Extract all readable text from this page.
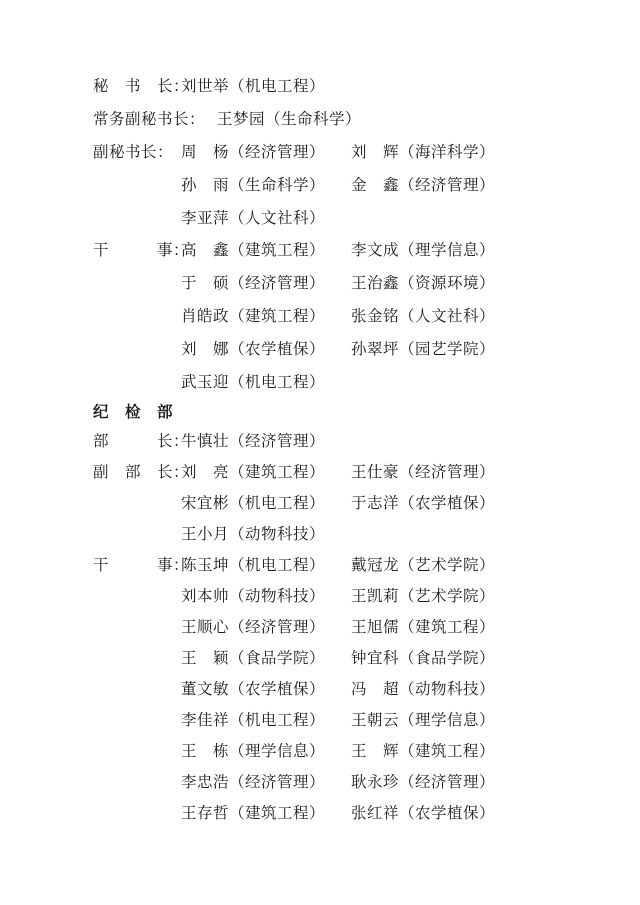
秘　书　长：
刘世举（机电工程）
常务副秘书长： 王梦园（生命科学）
副秘书长： 周　杨（经济管理）	刘　辉（海洋科学）
孙　雨（生命科学）	金　鑫（经济管理）
李亚萍（人文社科）
干　　　事：
高　鑫（建筑工程）	李文成（理学信息）
于　硕（经济管理）	王治鑫（资源环境）
肖皓政（建筑工程）	张金铭（人文社科）
刘　娜（农学植保）	孙翠坪（园艺学院）
武玉迎（机电工程）
纪　检　部
部　　　长：
牛慎壮（经济管理）
副　部　长：
刘　亮（建筑工程）	王仕豪（经济管理）
宋宜彬（机电工程）	于志洋（农学植保）
王小月（动物科技）
干　　　事：
陈玉坤（机电工程）	戴冠龙（艺术学院）
刘本帅（动物科技）	王凯莉（艺术学院）
王顺心（经济管理）	王旭儒（建筑工程）
王　颖（食品学院）	钟宜科（食品学院）
董文敏（农学植保）	冯　超（动物科技）
李佳祥（机电工程）	王朝云（理学信息）
王　栋（理学信息）	王　辉（建筑工程）
李忠浩（经济管理）	耿永珍（经济管理）
王存哲（建筑工程）	张红祥（农学植保）
